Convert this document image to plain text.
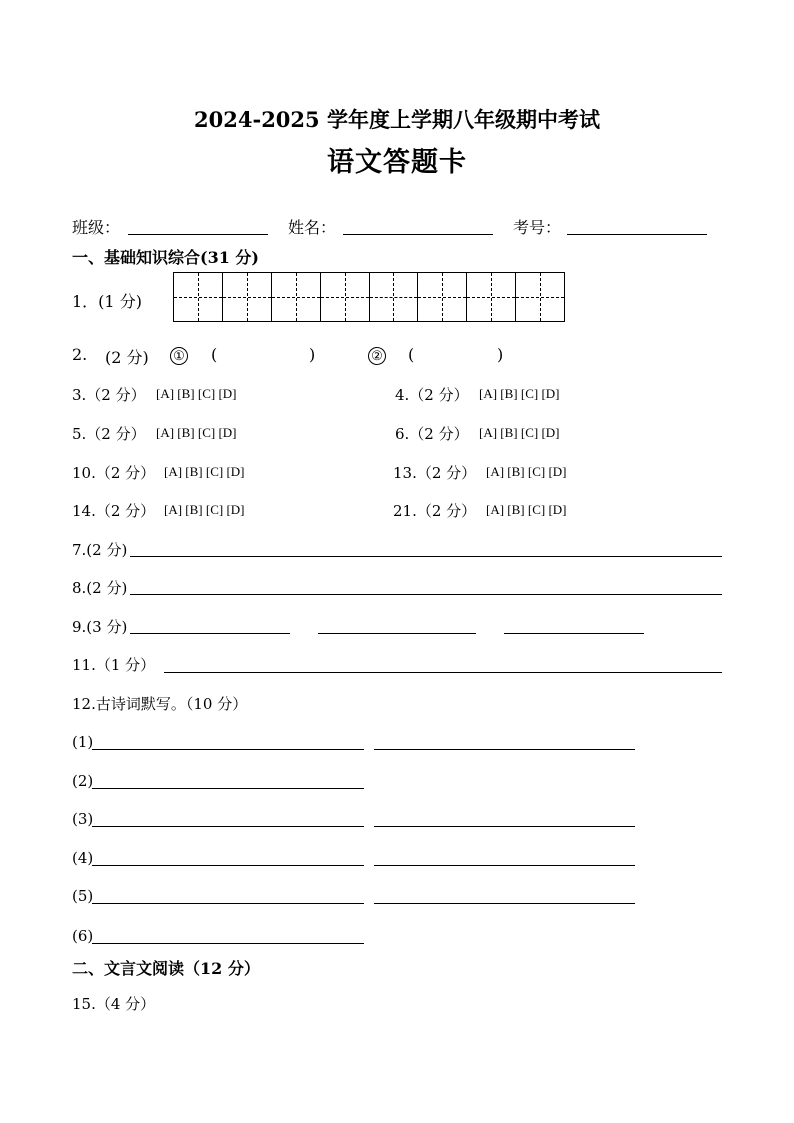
2024-2025 学年度上学期八年级期中考试
语文答题卡
班级：	姓名：	考号：
一、基础知识综合(31 分)
1．(1 分)
2. (2 分) ① (	)	② (	)
3.（2 分） [A] [B] [C] [D]	4.（2 分） [A] [B] [C] [D]
5.（2 分） [A] [B] [C] [D]	6.（2 分） [A] [B] [C] [D]
10.（2 分） [A] [B] [C] [D]	13.（2 分） [A] [B] [C] [D]
14.（2 分） [A] [B] [C] [D]	21.（2 分） [A] [B] [C] [D]
7.(2 分)
8.(2 分)
9.(3 分)
11.（1 分）
12.古诗词默写。（10 分）
(1)
(2)
(3)
(4)
(5)
(6)
二、文言文阅读（12 分）
15.（4 分）
